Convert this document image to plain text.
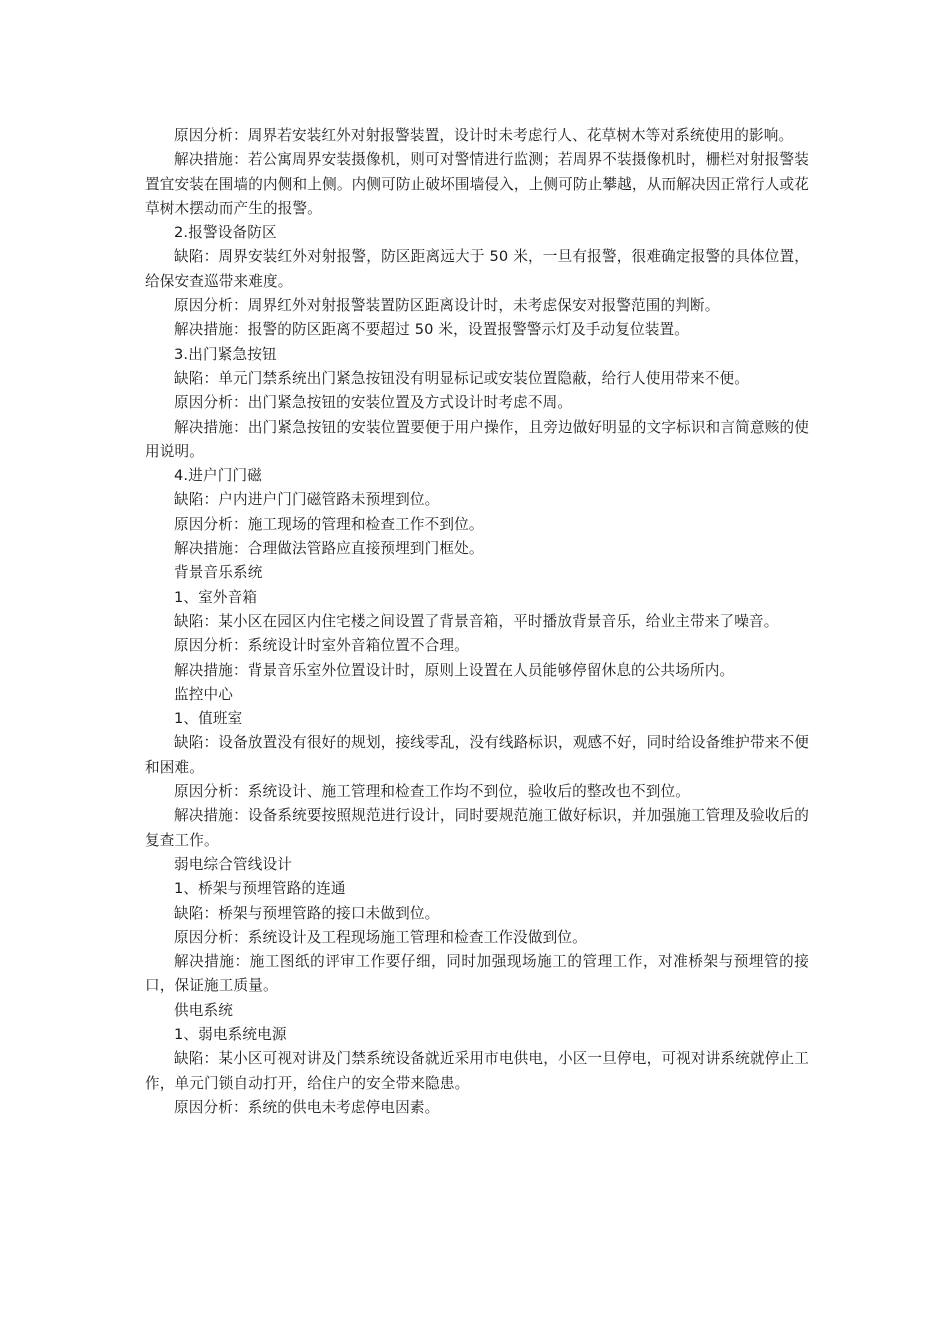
原因分析：周界若安装红外对射报警装置，设计时未考虑行人、花草树木等对系统使用的影响。

解决措施：若公寓周界安装摄像机，则可对警情进行监测；若周界不装摄像机时，栅栏对射报警装置宜安装在围墙的内侧和上侧。内侧可防止破坏围墙侵入，上侧可防止攀越，从而解决因正常行人或花草树木摆动而产生的报警。

2.报警设备防区

缺陷：周界安装红外对射报警，防区距离远大于 50 米，一旦有报警，很难确定报警的具体位置，给保安查巡带来难度。

原因分析：周界红外对射报警装置防区距离设计时，未考虑保安对报警范围的判断。

解决措施：报警的防区距离不要超过 50 米，设置报警警示灯及手动复位装置。

3.出门紧急按钮

缺陷：单元门禁系统出门紧急按钮没有明显标记或安装位置隐蔽，给行人使用带来不便。

原因分析：出门紧急按钮的安装位置及方式设计时考虑不周。

解决措施：出门紧急按钮的安装位置要便于用户操作，且旁边做好明显的文字标识和言简意赅的使用说明。

4.进户门门磁

缺陷：户内进户门门磁管路未预埋到位。

原因分析：施工现场的管理和检查工作不到位。

解决措施：合理做法管路应直接预埋到门框处。

背景音乐系统

1、室外音箱

缺陷：某小区在园区内住宅楼之间设置了背景音箱，平时播放背景音乐，给业主带来了噪音。

原因分析：系统设计时室外音箱位置不合理。

解决措施：背景音乐室外位置设计时，原则上设置在人员能够停留休息的公共场所内。

监控中心

1、值班室

缺陷：设备放置没有很好的规划，接线零乱，没有线路标识，观感不好，同时给设备维护带来不便和困难。

原因分析：系统设计、施工管理和检查工作均不到位，验收后的整改也不到位。

解决措施：设备系统要按照规范进行设计，同时要规范施工做好标识，并加强施工管理及验收后的复查工作。

弱电综合管线设计

1、桥架与预埋管路的连通

缺陷：桥架与预埋管路的接口未做到位。

原因分析：系统设计及工程现场施工管理和检查工作没做到位。

解决措施：施工图纸的评审工作要仔细，同时加强现场施工的管理工作，对准桥架与预埋管的接口，保证施工质量。

供电系统

1、弱电系统电源

缺陷：某小区可视对讲及门禁系统设备就近采用市电供电，小区一旦停电，可视对讲系统就停止工作，单元门锁自动打开，给住户的安全带来隐患。

原因分析：系统的供电未考虑停电因素。
